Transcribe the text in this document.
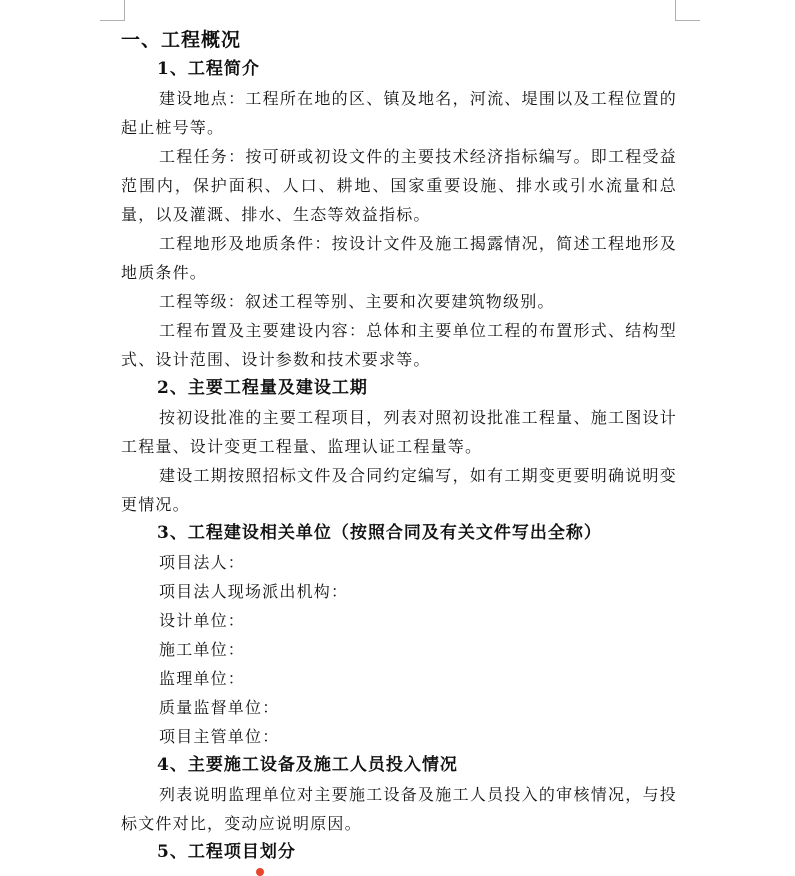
一、工程概况

1、工程简介

建设地点：工程所在地的区、镇及地名，河流、堤围以及工程位置的起止桩号等。

工程任务：按可研或初设文件的主要技术经济指标编写。即工程受益范围内，保护面积、人口、耕地、国家重要设施、排水或引水流量和总量，以及灌溉、排水、生态等效益指标。

工程地形及地质条件：按设计文件及施工揭露情况，简述工程地形及地质条件。

工程等级：叙述工程等别、主要和次要建筑物级别。

工程布置及主要建设内容：总体和主要单位工程的布置形式、结构型式、设计范围、设计参数和技术要求等。

2、主要工程量及建设工期

按初设批准的主要工程项目，列表对照初设批准工程量、施工图设计工程量、设计变更工程量、监理认证工程量等。

建设工期按照招标文件及合同约定编写，如有工期变更要明确说明变更情况。

3、工程建设相关单位（按照合同及有关文件写出全称）

项目法人：

项目法人现场派出机构：

设计单位：

施工单位：

监理单位：

质量监督单位：

项目主管单位：

4、主要施工设备及施工人员投入情况

列表说明监理单位对主要施工设备及施工人员投入的审核情况，与投标文件对比，变动应说明原因。

5、工程项目划分
